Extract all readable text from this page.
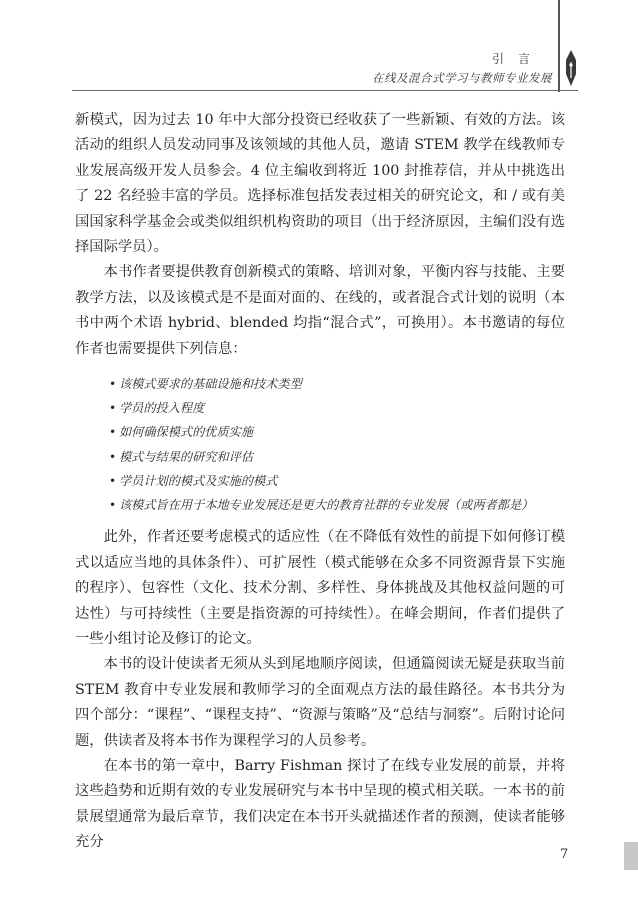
引言
在线及混合式学习与教师专业发展

新模式，因为过去 10 年中大部分投资已经收获了一些新颖、有效的方法。该活动的组织人员发动同事及该领域的其他人员，邀请 STEM 教学在线教师专业发展高级开发人员参会。4 位主编收到将近 100 封推荐信，并从中挑选出了 22 名经验丰富的学员。选择标准包括发表过相关的研究论文，和 / 或有美国国家科学基金会或类似组织机构资助的项目（出于经济原因，主编们没有选择国际学员）。

本书作者要提供教育创新模式的策略、培训对象，平衡内容与技能、主要教学方法，以及该模式是不是面对面的、在线的，或者混合式计划的说明（本书中两个术语 hybrid、blended 均指“混合式”，可换用）。本书邀请的每位作者也需要提供下列信息：

• 该模式要求的基础设施和技术类型
• 学员的投入程度
• 如何确保模式的优质实施
• 模式与结果的研究和评估
• 学员计划的模式及实施的模式
• 该模式旨在用于本地专业发展还是更大的教育社群的专业发展（或两者都是）

此外，作者还要考虑模式的适应性（在不降低有效性的前提下如何修订模式以适应当地的具体条件）、可扩展性（模式能够在众多不同资源背景下实施的程序）、包容性（文化、技术分割、多样性、身体挑战及其他权益问题的可达性）与可持续性（主要是指资源的可持续性）。在峰会期间，作者们提供了一些小组讨论及修订的论文。

本书的设计使读者无须从头到尾地顺序阅读，但通篇阅读无疑是获取当前 STEM 教育中专业发展和教师学习的全面观点方法的最佳路径。本书共分为四个部分：“课程”、“课程支持”、“资源与策略”及“总结与洞察”。后附讨论问题，供读者及将本书作为课程学习的人员参考。

在本书的第一章中，Barry Fishman 探讨了在线专业发展的前景，并将这些趋势和近期有效的专业发展研究与本书中呈现的模式相关联。一本书的前景展望通常为最后章节，我们决定在本书开头就描述作者的预测，使读者能够充分

7
